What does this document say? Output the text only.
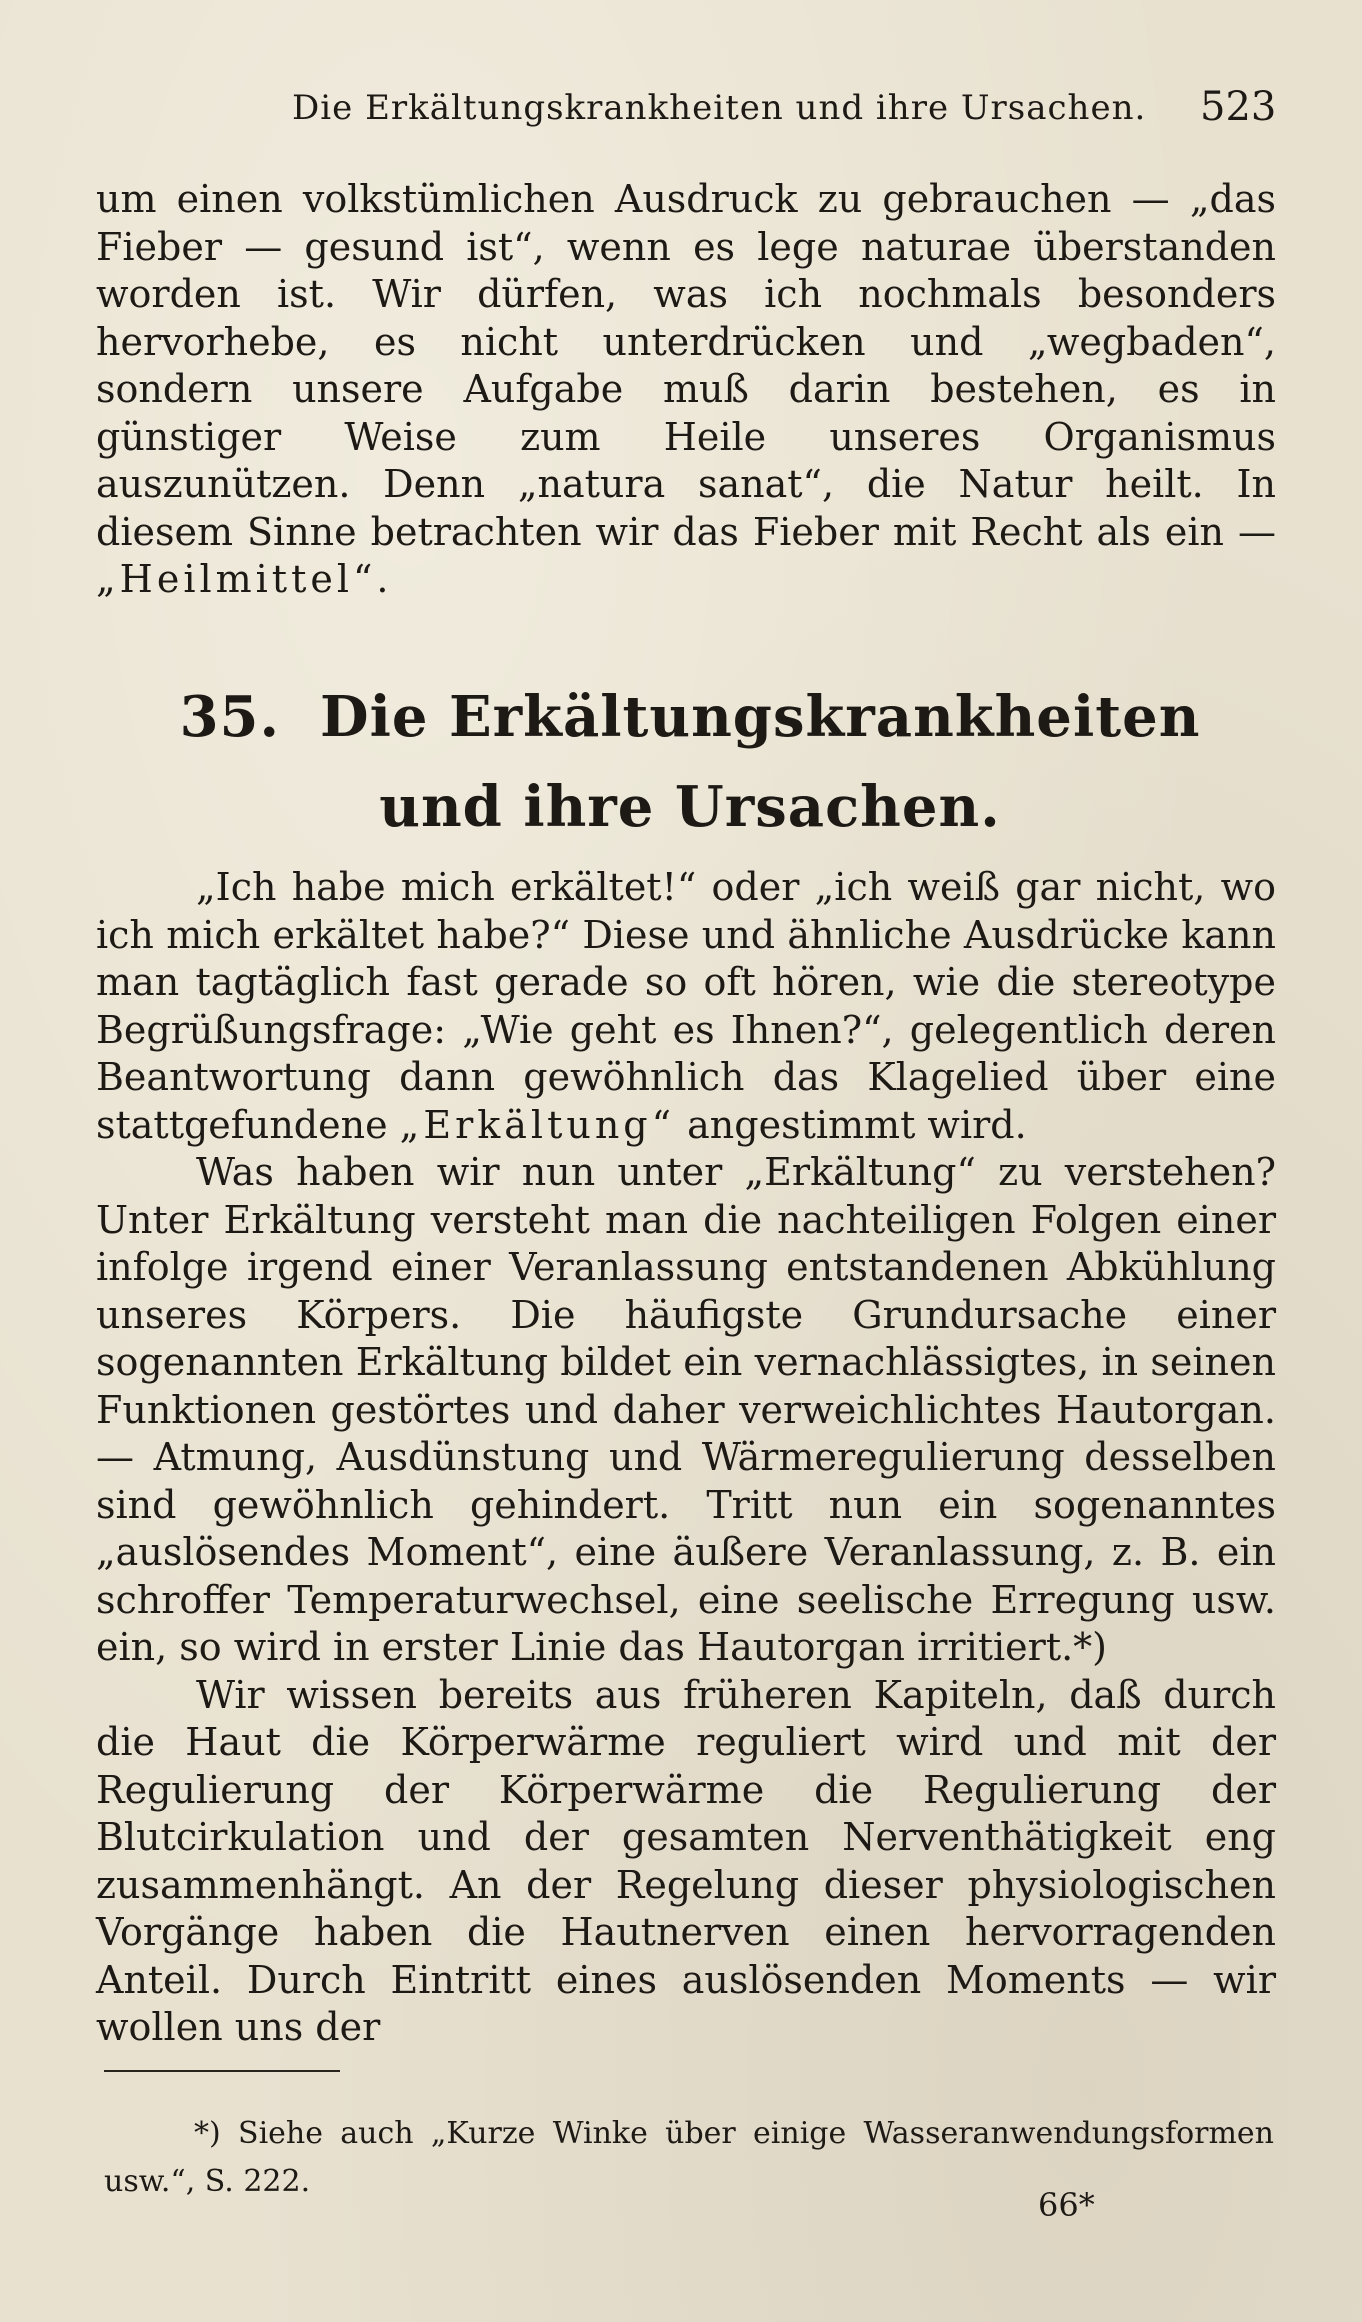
Die Erkältungskrankheiten und ihre Ursachen.	523

um einen volkstümlichen Ausdruck zu gebrauchen — „das Fieber — gesund ist“, wenn es lege naturae überstanden worden ist. Wir dürfen, was ich nochmals besonders hervorhebe, es nicht unterdrücken und „wegbaden“, sondern unsere Aufgabe muß darin bestehen, es in günstiger Weise zum Heile unseres Organismus auszunützen. Denn „natura sanat“, die Natur heilt. In diesem Sinne betrachten wir das Fieber mit Recht als ein — „Heilmittel“.

35. Die Erkältungskrankheiten und ihre Ursachen.

„Ich habe mich erkältet!“ oder „ich weiß gar nicht, wo ich mich erkältet habe?“ Diese und ähnliche Ausdrücke kann man tagtäglich fast gerade so oft hören, wie die stereotype Begrüßungsfrage: „Wie geht es Ihnen?“, gelegentlich deren Beantwortung dann gewöhnlich das Klagelied über eine stattgefundene „Erkältung“ angestimmt wird.

Was haben wir nun unter „Erkältung“ zu verstehen? Unter Erkältung versteht man die nachteiligen Folgen einer infolge irgend einer Veranlassung entstandenen Abkühlung unseres Körpers. Die häufigste Grundursache einer sogenannten Erkältung bildet ein vernachlässigtes, in seinen Funktionen gestörtes und daher verweichlichtes Hautorgan. — Atmung, Ausdünstung und Wärmeregulierung desselben sind gewöhnlich gehindert. Tritt nun ein sogenanntes „auslösendes Moment“, eine äußere Veranlassung, z. B. ein schroffer Temperaturwechsel, eine seelische Erregung usw. ein, so wird in erster Linie das Hautorgan irritiert.*)

Wir wissen bereits aus früheren Kapiteln, daß durch die Haut die Körperwärme reguliert wird und mit der Regulierung der Körperwärme die Regulierung der Blutcirkulation und der gesamten Nerventhätigkeit eng zusammenhängt. An der Regelung dieser physiologischen Vorgänge haben die Hautnerven einen hervorragenden Anteil. Durch Eintritt eines auslösenden Moments — wir wollen uns der

*) Siehe auch „Kurze Winke über einige Wasseranwendungsformen usw.“, S. 222.
66*
